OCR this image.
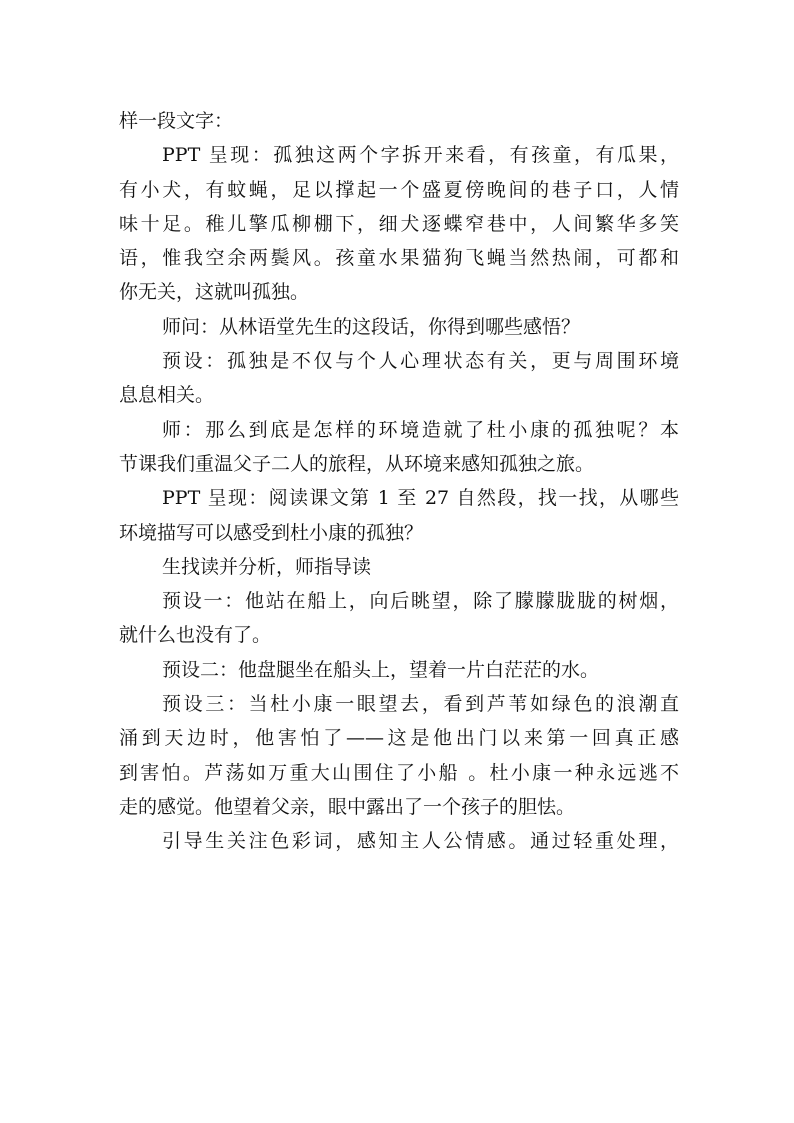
样一段文字：
PPT 呈现：孤独这两个字拆开来看，有孩童，有瓜果，
有小犬，有蚊蝇，足以撑起一个盛夏傍晚间的巷子口，人情
味十足。稚儿擎瓜柳棚下，细犬逐蝶窄巷中，人间繁华多笑
语，惟我空余两鬓风。孩童水果猫狗飞蝇当然热闹，可都和
你无关，这就叫孤独。
师问：从林语堂先生的这段话，你得到哪些感悟？
预设：孤独是不仅与个人心理状态有关，更与周围环境
息息相关。
师：那么到底是怎样的环境造就了杜小康的孤独呢？本
节课我们重温父子二人的旅程，从环境来感知孤独之旅。
PPT 呈现：阅读课文第 1 至 27 自然段，找一找，从哪些
环境描写可以感受到杜小康的孤独？
生找读并分析，师指导读
预设一：他站在船上，向后眺望，除了朦朦胧胧的树烟，
就什么也没有了。
预设二：他盘腿坐在船头上，望着一片白茫茫的水。
预设三：当杜小康一眼望去，看到芦苇如绿色的浪潮直
涌到天边时，他害怕了——这是他出门以来第一回真正感
到害怕。芦荡如万重大山围住了小船 。杜小康一种永远逃不
走的感觉。他望着父亲，眼中露出了一个孩子的胆怯。
引导生关注色彩词，感知主人公情感。通过轻重处理，
